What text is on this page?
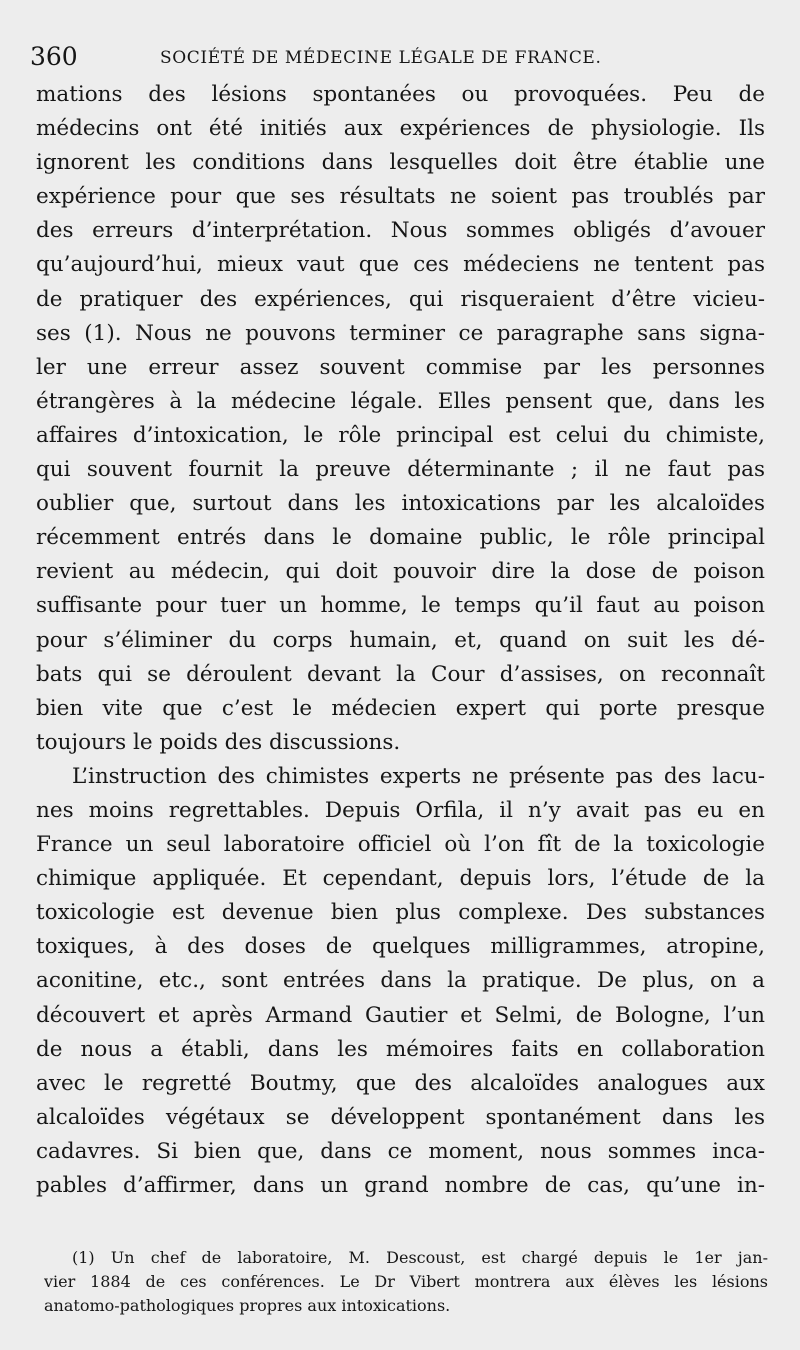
360	SOCIÉTÉ DE MÉDECINE LÉGALE DE FRANCE.
mations des lésions spontanées ou provoquées. Peu de
médecins ont été initiés aux expériences de physiologie. Ils
ignorent les conditions dans lesquelles doit être établie une
expérience pour que ses résultats ne soient pas troublés par
des erreurs d’interprétation. Nous sommes obligés d’avouer
qu’aujourd’hui, mieux vaut que ces médeciens ne tentent pas
de pratiquer des expériences, qui risqueraient d’être vicieu-
ses (1). Nous ne pouvons terminer ce paragraphe sans signa-
ler une erreur assez souvent commise par les personnes
étrangères à la médecine légale. Elles pensent que, dans les
affaires d’intoxication, le rôle principal est celui du chimiste,
qui souvent fournit la preuve déterminante ; il ne faut pas
oublier que, surtout dans les intoxications par les alcaloïdes
récemment entrés dans le domaine public, le rôle principal
revient au médecin, qui doit pouvoir dire la dose de poison
suffisante pour tuer un homme, le temps qu’il faut au poison
pour s’éliminer du corps humain, et, quand on suit les dé-
bats qui se déroulent devant la Cour d’assises, on reconnaît
bien vite que c’est le médecien expert qui porte presque
toujours le poids des discussions.
L’instruction des chimistes experts ne présente pas des lacu-
nes moins regrettables. Depuis Orfila, il n’y avait pas eu en
France un seul laboratoire officiel où l’on fît de la toxicologie
chimique appliquée. Et cependant, depuis lors, l’étude de la
toxicologie est devenue bien plus complexe. Des substances
toxiques, à des doses de quelques milligrammes, atropine,
aconitine, etc., sont entrées dans la pratique. De plus, on a
découvert et après Armand Gautier et Selmi, de Bologne, l’un
de nous a établi, dans les mémoires faits en collaboration
avec le regretté Boutmy, que des alcaloïdes analogues aux
alcaloïdes végétaux se développent spontanément dans les
cadavres. Si bien que, dans ce moment, nous sommes inca-
pables d’affirmer, dans un grand nombre de cas, qu’une in-
(1) Un chef de laboratoire, M. Descoust, est chargé depuis le 1er jan-
vier 1884 de ces conférences. Le Dr Vibert montrera aux élèves les lésions
anatomo-pathologiques propres aux intoxications.
